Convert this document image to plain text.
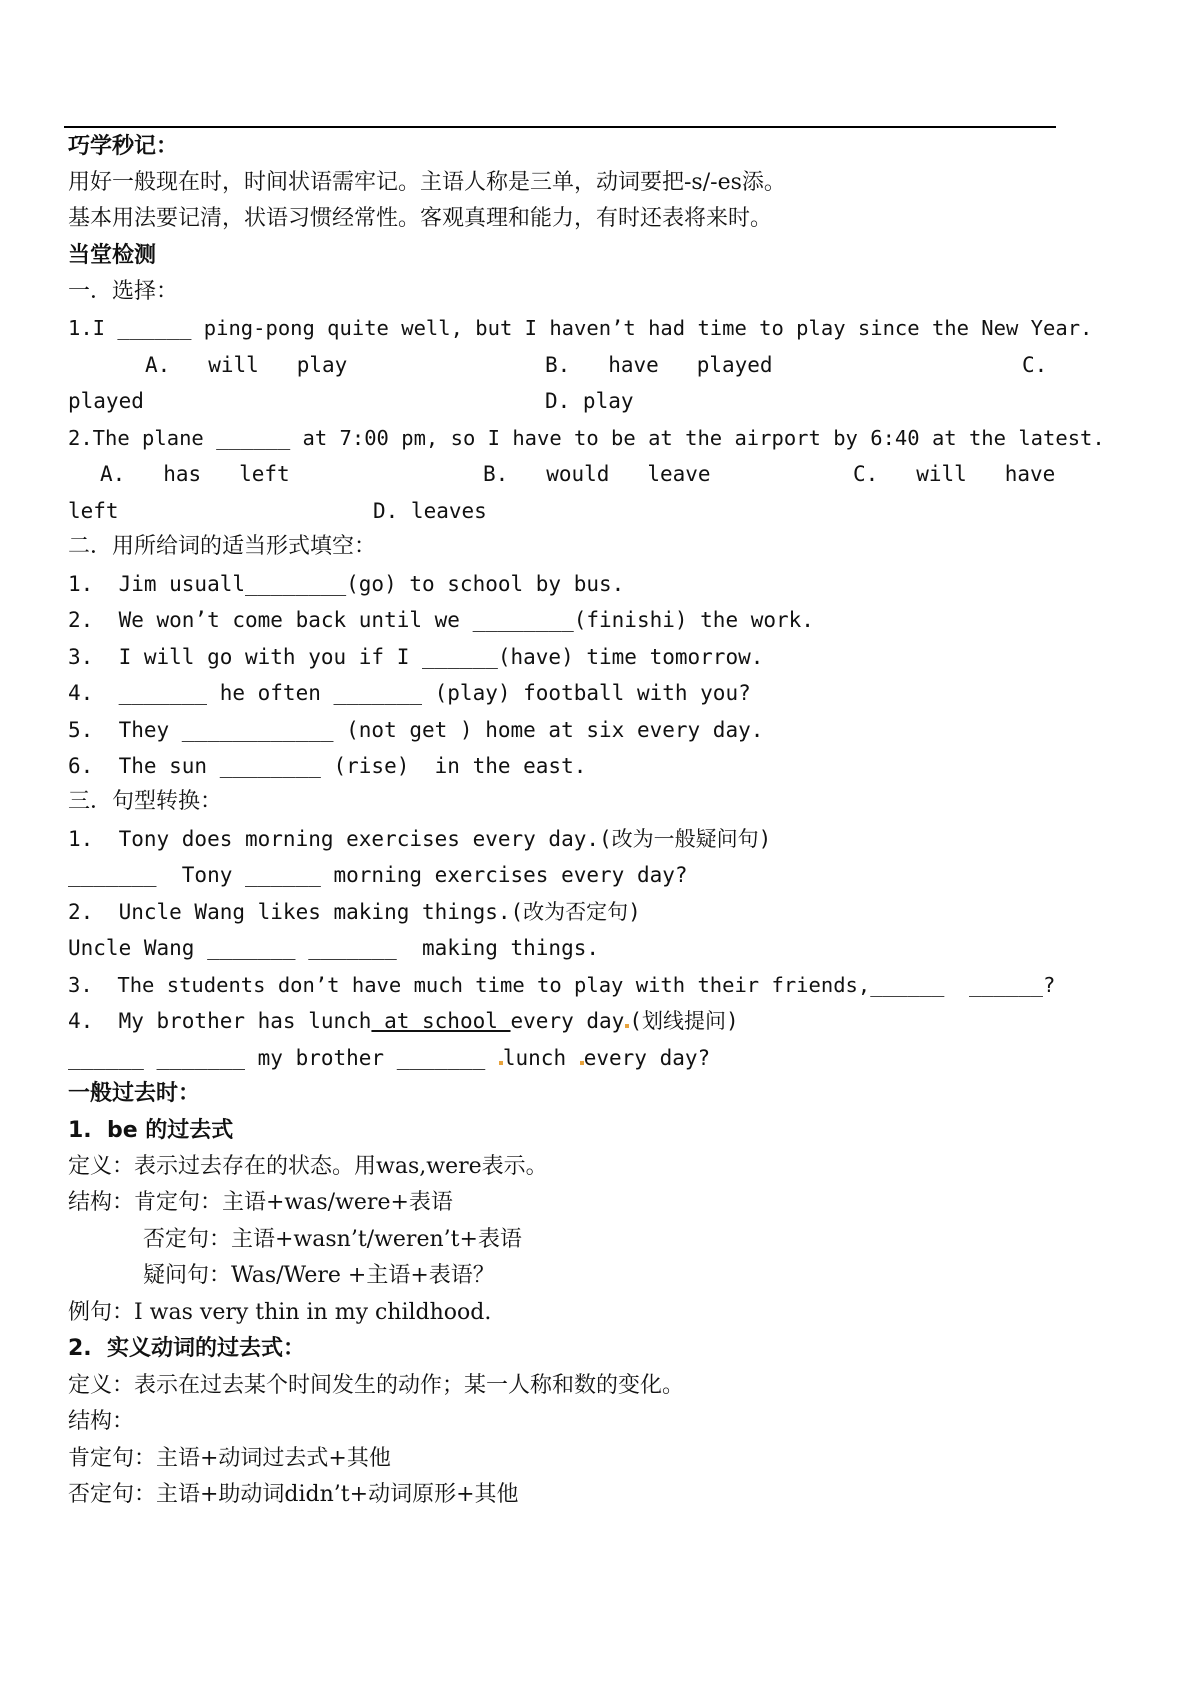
巧学秒记：
用好一般现在时，时间状语需牢记。主语人称是三单，动词要把-s/-es添。
基本用法要记清，状语习惯经常性。客观真理和能力，有时还表将来时。
当堂检测
一．选择：
1.I ______ ping-pong quite well, but I haven’t had time to play since the New Year.
A.   will   play	B.   have   played	C.
played	D. play
2.The plane ______ at 7:00 pm, so I have to be at the airport by 6:40 at the latest.
A.   has   left	B.   would   leave	C.   will   have
left	D. leaves
二．用所给词的适当形式填空：
1.  Jim usuall________(go) to school by bus.
2.  We won’t come back until we ________(finishi) the work.
3.  I will go with you if I ______(have) time tomorrow.
4.  _______ he often _______ (play) football with you?
5.  They ____________ (not get ) home at six every day.
6.  The sun ________ (rise)  in the east.
三．句型转换：
1.  Tony does morning exercises every day.(改为一般疑问句)
_______  Tony ______ morning exercises every day?
2.  Uncle Wang likes making things.(改为否定句)
Uncle Wang _______ _______  making things.
3.  The students don’t have much time to play with their friends,______  ______?
4.  My brother has lunch at school every day (划线提问)
______ _______ my brother _______ lunch every day?
一般过去时：
1.  be 的过去式
定义：表示过去存在的状态。用was,were表示。
结构：肯定句：主语+was/were+表语
否定句：主语+wasn’t/weren’t+表语
疑问句：Was/Were +主语+表语？
例句：I was very thin in my childhood.
2.  实义动词的过去式：
定义：表示在过去某个时间发生的动作；某一人称和数的变化。
结构：
肯定句：主语+动词过去式+其他
否定句：主语+助动词didn’t+动词原形+其他
